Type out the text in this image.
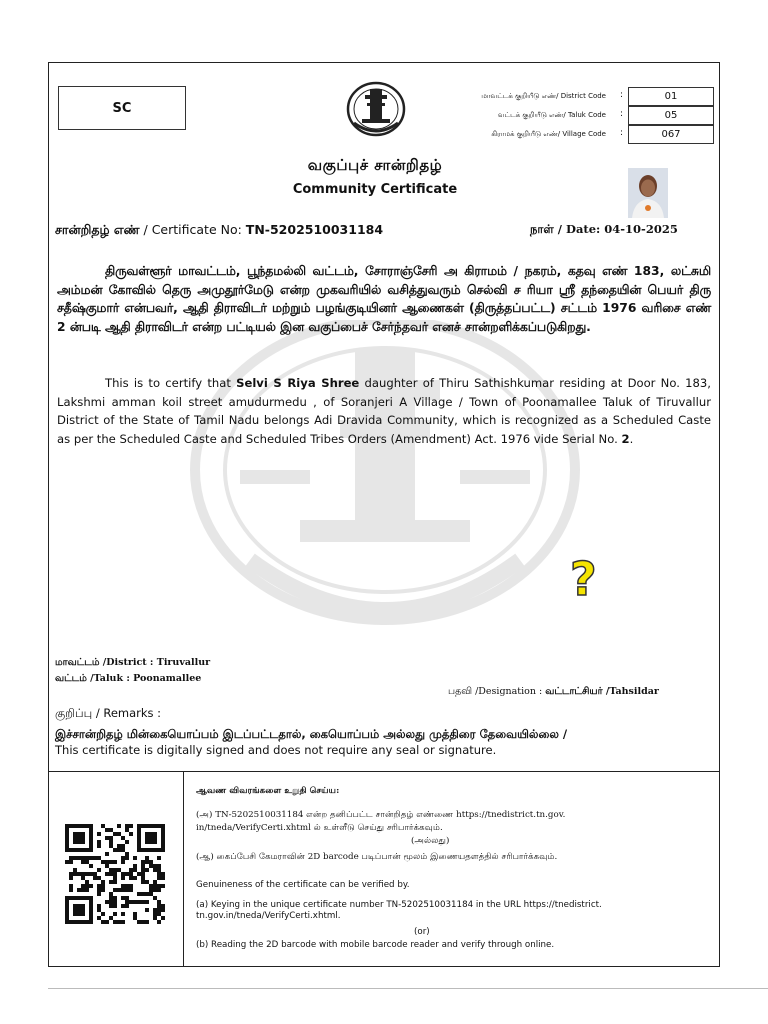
SC
மாவட்டக் குறியீடு எண்/ District Code :	01
வட்டக் குறியீடு எண்/ Taluk Code :	05
கிராமக் குறியீடு எண்/ Village Code :	067
வகுப்புச் சான்றிதழ்
Community Certificate
சான்றிதழ் எண் / Certificate No: TN-5202510031184	நாள் / Date: 04-10-2025
திருவள்ளூர் மாவட்டம், பூந்தமல்லி வட்டம், சோராஞ்சேரி அ கிராமம் / நகரம், கதவு எண் 183, லட்சுமி அம்மன் கோவில் தெரு அமுதூர்மேடு என்ற முகவரியில் வசித்துவரும் செல்வி ச ரியா ஸ்ரீ தந்தையின் பெயர் திரு சதீஷ்குமார் என்பவர், ஆதி திராவிடர் மற்றும் பழங்குடியினர் ஆணைகள் (திருத்தப்பட்ட) சட்டம் 1976 வரிசை எண் 2 ன்படி ஆதி திராவிடர் என்ற பட்டியல் இன வகுப்பைச் சேர்ந்தவர் எனச் சான்றளிக்கப்படுகிறது.
This is to certify that Selvi S Riya Shree daughter of Thiru Sathishkumar residing at Door No. 183, Lakshmi amman koil street amudurmedu , of Soranjeri A Village / Town of Poonamallee Taluk of Tiruvallur District of the State of Tamil Nadu belongs Adi Dravida Community, which is recognized as a Scheduled Caste as per the Scheduled Caste and Scheduled Tribes Orders (Amendment) Act. 1976 vide Serial No. 2.
?
மாவட்டம் /District : Tiruvallur
வட்டம் /Taluk : Poonamallee
பதவி /Designation : வட்டாட்சியர் /Tahsildar
குறிப்பு / Remarks :
இச்சான்றிதழ் மின்கையொப்பம் இடப்பட்டதால், கையொப்பம் அல்லது முத்திரை தேவையில்லை /
This certificate is digitally signed and does not require any seal or signature.
ஆவண விவரங்களை உறுதி செய்ய:
(அ) TN-5202510031184 என்ற தனிப்பட்ட சான்றிதழ் எண்ணை https://tnedistrict.tn.gov.
in/tneda/VerifyCerti.xhtml ல் உள்ளீடு செய்து சரிபார்க்கவும்.
(அல்லது)
(ஆ) கைப்பேசி கேமராவின் 2D barcode படிப்பான் மூலம் இணையதளத்தில் சரிபார்க்கவும்.
Genuineness of the certificate can be verified by.
(a) Keying in the unique certificate number TN-5202510031184 in the URL https://tnedistrict.
tn.gov.in/tneda/VerifyCerti.xhtml.
(or)
(b) Reading the 2D barcode with mobile barcode reader and verify through online.
